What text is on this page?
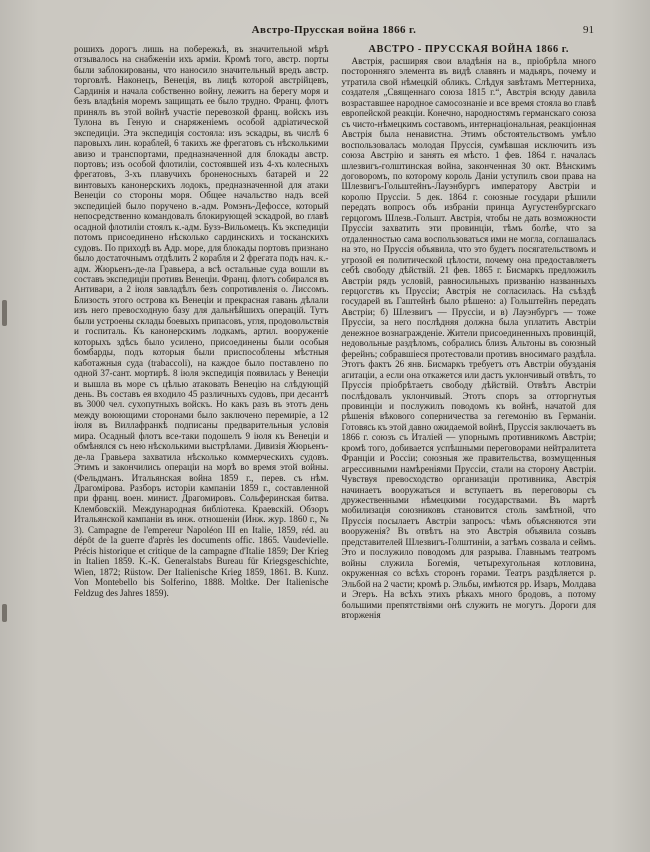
Австро-Прусская война 1866 г.	91

рошихъ дорогъ лишь на побережьѣ, въ значительной мѣрѣ отзывалось на снабженіи ихъ арміи. Кромѣ того, австр. порты были заблокированы, что наносило значительный вредъ австр. торговлѣ. Наконецъ, Венеція, въ лицѣ которой австрійцевъ, Сардинія и начала собственно войну, лежитъ на берегу моря и безъ владѣнія моремъ защищать ее было трудно. Франц. флотъ принялъ въ этой войнѣ участіе перевозкой франц. войскъ изъ Тулона въ Геную и снаряженіемъ особой адріатической экспедиціи. Эта экспедиція состояла: изъ эскадры, въ числѣ 6 паровыхъ лин. кораблей, 6 такихъ же фрегатовъ съ нѣсколькими авизо и транспортами, предназначенной для блокады австр. портовъ; изъ особой флотиліи, состоявшей изъ 4-хъ колесныхъ фрегатовъ, 3-хъ плавучихъ броненосныхъ батарей и 22 винтовыхъ канонерскихъ лодокъ, предназначенной для атаки Венеціи со стороны моря. Общее начальство надъ всей экспедиціей было поручено в.-адм. Ромэнъ-Дефоссе, который непосредственно командовалъ блокирующей эскадрой, во главѣ осадной флотиліи стоялъ к.-адм. Бузэ-Вильомецъ. Къ экспедиціи потомъ присоединено нѣсколько сардинскихъ и тосканскихъ судовъ. По приходѣ въ Адр. море, для блокады портовъ признано было достаточнымъ отдѣлить 2 корабля и 2 фрегата подъ нач. к.-адм. Жюрьенъ-де-ла Гравьера, а всѣ остальные суда вошли въ составъ экспедиціи противъ Венеціи. Франц. флотъ собирался въ Антивари, а 2 іюля завладѣлъ безъ сопротивленія о. Лиссомъ. Близость этого острова къ Венеціи и прекрасная гавань дѣлали изъ него превосходную базу для дальнѣйшихъ операцій. Тутъ были устроены склады боевыхъ припасовъ, угля, продовольствія и госпиталь. Къ канонерскимъ лодкамъ, артил. вооруженіе которыхъ здѣсь было усилено, присоединены были особыя бомбарды, подъ которыя были приспособлены мѣстныя каботажныя суда (trabaccoli), на каждое было поставлено по одной 37-сант. мортирѣ. 8 іюля экспедиція появилась у Венеціи и вышла въ море съ цѣлью атаковать Венецію на слѣдующій день. Въ составъ ея входило 45 различныхъ судовъ, при десантѣ въ 3000 чел. сухопутныхъ войскъ. Но какъ разъ въ этотъ день между воюющими сторонами было заключено перемиріе, а 12 іюля въ Виллафранкѣ подписаны предварительныя условія мира. Осадный флотъ все-таки подошелъ 9 іюля къ Венеціи и обмѣнялся съ нею нѣсколькими выстрѣлами. Дивизія Жюрьенъ-де-ла Гравьера захватила нѣсколько коммерческихъ судовъ. Этимъ и закончились операціи на морѣ во время этой войны. (Фельдманъ. Итальянская война 1859 г., перев. съ нѣм. Драгомірова. Разборъ исторіи кампаніи 1859 г., составленной при франц. воен. минист. Драгомировъ. Сольферинская битва. Клембовскій. Международная библіотека. Краевскій. Обзоръ Итальянской кампаніи въ инж. отношеніи (Инж. жур. 1860 г., № 3). Campagne de l'empereur Napoléon III en Italie, 1859, réd. au dépôt de la guerre d'après les documents offic. 1865. Vaudevielle. Précis historique et critique de la campagne d'Italie 1859; Der Krieg in Italien 1859. K.-K. Generalstabs Bureau für Kriegsgeschichte, Wien, 1872; Rüstow. Der Italienische Krieg 1859, 1861. B. Kunz. Von Montebello bis Solferino, 1888. Moltke. Der Italienische Feldzug des Jahres 1859).

АВСТРО - ПРУССКАЯ ВОЙНА 1866 г.

Австрія, расширяя свои владѣнія на в., пріобрѣла много посторонняго элемента въ видѣ славянъ и мадьяръ, почему и утратила свой нѣмецкій обликъ. Слѣдуя завѣтамъ Меттерниха, создателя „Священнаго союза 1815 г.“, Австрія всюду давила возраставшее народное самосознаніе и все время стояла во главѣ европейской реакціи. Конечно, народностямъ германскаго союза съ чисто-нѣмецкимъ составомъ, интернаціональная, реакціонная Австрія была ненавистна. Этимъ обстоятельствомъ умѣло воспользовалась молодая Пруссія, сумѣвшая исключить изъ союза Австрію и занять ея мѣсто. 1 фев. 1864 г. началась шлезвигъ-голштинская война, законченная 30 окт. Вѣнскимъ договоромъ, по которому король Даніи уступилъ свои права на Шлезвигъ-Гольштейнъ-Лауэнбургъ императору Австріи и королю Пруссіи. 5 дек. 1864 г. союзные государи рѣшили передать вопросъ объ избраніи принца Аугустенбургскаго герцогомъ Шлезв.-Гольшт. Австрія, чтобы не дать возможности Пруссіи захватить эти провинціи, тѣмъ болѣе, что за отдаленностью сама воспользоваться ими не могла, соглашалась на это, но Пруссія объявила, что это будетъ посягательствомъ и угрозой ея политической цѣлости, почему она предоставляетъ себѣ свободу дѣйствій. 21 фев. 1865 г. Бисмаркъ предложилъ Австріи рядъ условій, равносильныхъ призванію названныхъ герцогствъ къ Пруссіи; Австрія не согласилась. На съѣздѣ государей въ Гаштейнѣ было рѣшено: а) Гольштейнъ передать Австріи; б) Шлезвигъ — Пруссіи, и в) Лауэнбургъ — тоже Пруссіи, за него послѣдняя должна была уплатить Австріи денежное вознагражденіе. Жители присоединенныхъ провинцій, недовольные раздѣломъ, собрались близъ Альтоны въ союзный ферейнъ; собравшіеся протестовали противъ вносимаго раздѣла. Этотъ фактъ 26 янв. Бисмаркъ требуетъ отъ Австріи обузданія агитаціи, а если она откажется или дастъ уклончивый отвѣтъ, то Пруссія пріобрѣтаетъ свободу дѣйствій. Отвѣтъ Австріи послѣдовалъ уклончивый. Этотъ споръ за отторгнутыя провинціи и послужилъ поводомъ къ войнѣ, начатой для рѣшенія вѣкового соперничества за гегемонію въ Германіи. Готовясь къ этой давно ожидаемой войнѣ, Пруссія заключаетъ въ 1866 г. союзъ съ Италіей — упорнымъ противникомъ Австріи; кромѣ того, добивается успѣшными переговорами нейтралитета Франціи и Россіи; союзныя же правительства, возмущенныя агрессивными намѣреніями Пруссіи, стали на сторону Австріи. Чувствуя превосходство организаціи противника, Австрія начинаетъ вооружаться и вступаетъ въ переговоры съ дружественными нѣмецкими государствами. Въ мартѣ мобилизація союзниковъ становится столь замѣтной, что Пруссія посылаетъ Австріи запросъ: чѣмъ объясняются эти вооруженія? Въ отвѣтъ на это Австрія объявила созывъ представителей Шлезвигъ-Голштиніи, а затѣмъ созвала и сеймъ. Это и послужило поводомъ для разрыва. Главнымъ театромъ войны служила Богемія, четырехугольная котловина, окруженная со всѣхъ сторонъ горами. Театръ раздѣляется р. Эльбой на 2 части; кромѣ р. Эльбы, имѣются рр. Изаръ, Молдава и Эгеръ. На всѣхъ этихъ рѣкахъ много бродовъ, а потому большими препятствіями онѣ служить не могутъ. Дороги для вторженія
